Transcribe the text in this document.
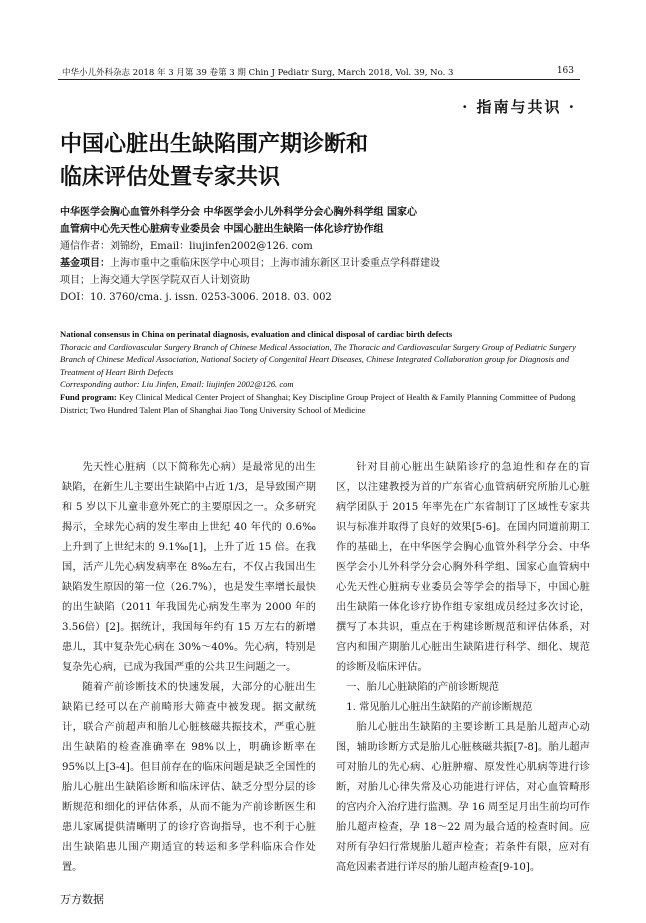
中华小儿外科杂志 2018 年 3 月第 39 卷第 3 期 Chin J Pediatr Surg, March 2018, Vol. 39, No. 3	163
· 指南与共识 ·
中国心脏出生缺陷围产期诊断和
临床评估处置专家共识
中华医学会胸心血管外科学分会 中华医学会小儿外科学分会心胸外科学组 国家心
血管病中心先天性心脏病专业委员会 中国心脏出生缺陷一体化诊疗协作组
通信作者：刘锦纷，Email：liujinfen2002@126. com
基金项目：上海市重中之重临床医学中心项目；上海市浦东新区卫计委重点学科群建设
项目；上海交通大学医学院双百人计划资助
DOI：10. 3760/cma. j. issn. 0253-3006. 2018. 03. 002
National consensus in China on perinatal diagnosis, evaluation and clinical disposal of cardiac birth defects
Thoracic and Cardiovascular Surgery Branch of Chinese Medical Association, The Thoracic and Cardiovascular Surgery Group of Pediatric Surgery Branch of Chinese Medical Association, National Society of Congenital Heart Diseases, Chinese Integrated Collaboration group for Diagnosis and Treatment of Heart Birth Defects
Corresponding author: Liu Jinfen, Email: liujinfen 2002@126. com
Fund program: Key Clinical Medical Center Project of Shanghai; Key Discipline Group Project of Health & Family Planning Committee of Pudong District; Two Hundred Talent Plan of Shanghai Jiao Tong University School of Medicine

先天性心脏病（以下简称先心病）是最常见的出生缺陷，在新生儿主要出生缺陷中占近 1/3，是导致围产期和 5 岁以下儿童非意外死亡的主要原因之一。众多研究揭示，全球先心病的发生率由上世纪 40 年代的 0.6‰ 上升到了上世纪末的 9.1‰[1]，上升了近 15 倍。在我国，活产儿先心病发病率在 8‰左右，不仅占我国出生缺陷发生原因的第一位（26.7%），也是发生率增长最快的出生缺陷（2011 年我国先心病发生率为 2000 年的 3.56倍）[2]。据统计，我国每年约有 15 万左右的新增患儿，其中复杂先心病在 30%～40%。先心病，特别是复杂先心病，已成为我国严重的公共卫生问题之一。

随着产前诊断技术的快速发展，大部分的心脏出生缺陷已经可以在产前畸形大筛查中被发现。据文献统计，联合产前超声和胎儿心脏核磁共振技术，严重心脏出生缺陷的检查准确率在 98%以上，明确诊断率在 95%以上[3-4]。但目前存在的临床问题是缺乏全国性的胎儿心脏出生缺陷诊断和临床评估、缺乏分型分层的诊断规范和细化的评估体系，从而不能为产前诊断医生和患儿家属提供清晰明了的诊疗咨询指导，也不利于心脏出生缺陷患儿围产期适宜的转运和多学科临床合作处置。

针对目前心脏出生缺陷诊疗的急迫性和存在的盲区，以注建教授为首的广东省心血管病研究所胎儿心脏病学团队于 2015 年率先在广东省制订了区域性专家共识与标准并取得了良好的效果[5-6]。在国内同道前期工作的基础上，在中华医学会胸心血管外科学分会、中华医学会小儿外科学分会心胸外科学组、国家心血管病中心先天性心脏病专业委员会等学会的指导下，中国心脏出生缺陷一体化诊疗协作组专家组成员经过多次讨论，撰写了本共识，重点在于构建诊断规范和评估体系，对宫内和围产期胎儿心脏出生缺陷进行科学、细化、规范的诊断及临床评估。

一、胎儿心脏缺陷的产前诊断规范

1. 常见胎儿心脏出生缺陷的产前诊断规范

胎儿心脏出生缺陷的主要诊断工具是胎儿超声心动图，辅助诊断方式是胎儿心脏核磁共振[7-8]。胎儿超声可对胎儿的先心病、心脏肿瘤、原发性心肌病等进行诊断，对胎儿心律失常及心功能进行评估，对心血管畸形的宫内介入治疗进行监测。孕 16 周至足月出生前均可作胎儿超声检查，孕 18～22 周为最合适的检查时间。应对所有孕妇行常规胎儿超声检查；若条件有限，应对有高危因素者进行详尽的胎儿超声检查[9-10]。

万方数据
